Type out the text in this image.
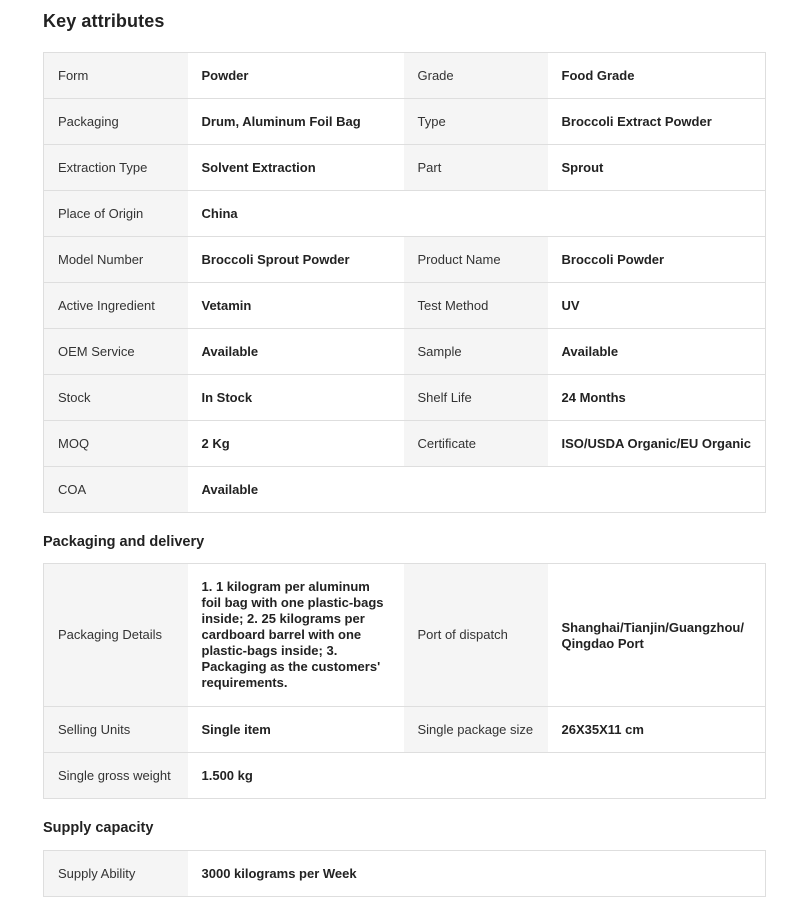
Key attributes
Form	Powder	Grade	Food Grade
Packaging	Drum, Aluminum Foil Bag	Type	Broccoli Extract Powder
Extraction Type	Solvent Extraction	Part	Sprout
Place of Origin	China		
Model Number	Broccoli Sprout Powder	Product Name	Broccoli Powder
Active Ingredient	Vetamin	Test Method	UV
OEM Service	Available	Sample	Available
Stock	In Stock	Shelf Life	24 Months
MOQ	2 Kg	Certificate	ISO/USDA Organic/EU Organic
COA	Available		
Packaging and delivery
Packaging Details	1. 1 kilogram per aluminum foil bag with one plastic-bags inside; 2. 25 kilograms per cardboard barrel with one plastic-bags inside; 3. Packaging as the customers' requirements.	Port of dispatch	Shanghai/Tianjin/Guangzhou/Qingdao Port
Selling Units	Single item	Single package size	26X35X11 cm
Single gross weight	1.500 kg		
Supply capacity
Supply Ability	3000 kilograms per Week
